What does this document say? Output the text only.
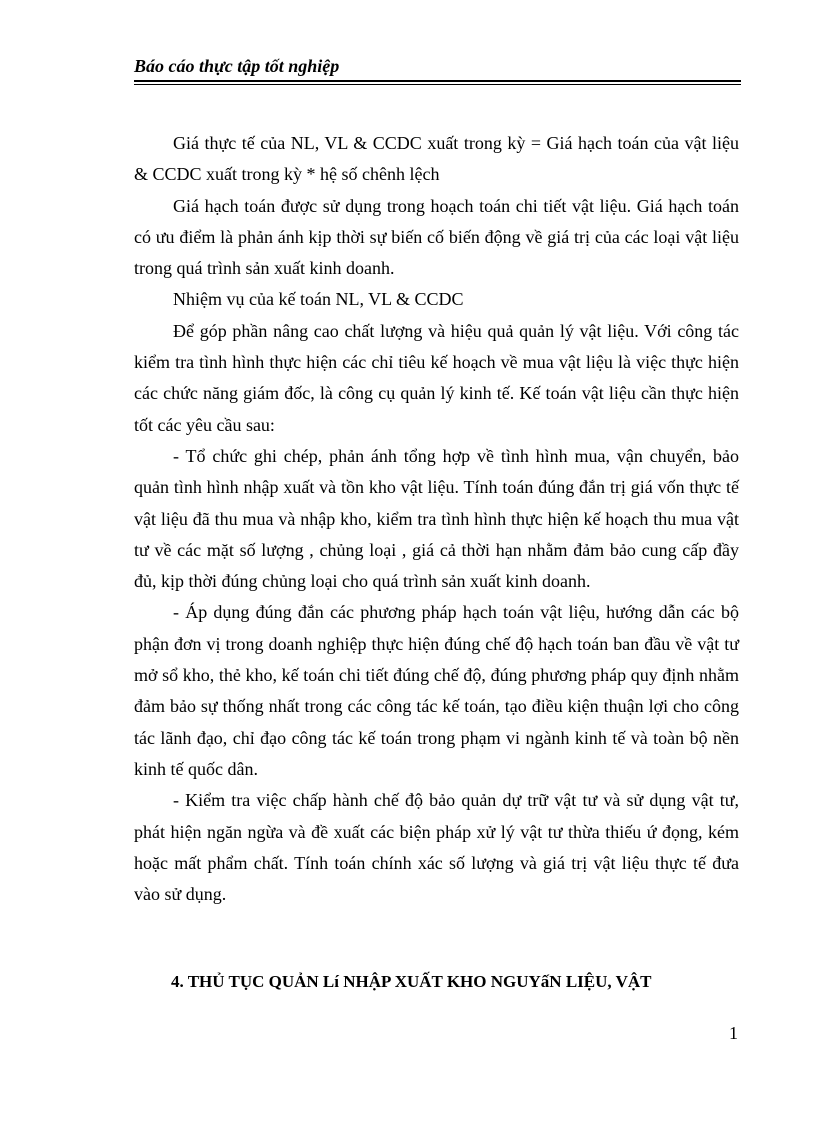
Báo cáo thực tập tốt nghiệp

Giá thực tế của NL, VL & CCDC xuất trong kỳ = Giá hạch toán của vật liệu & CCDC xuất trong kỳ * hệ số chênh lệch

Giá hạch toán được sử dụng trong hoạch toán chi tiết vật liệu. Giá hạch toán có ưu điểm là phản ánh kịp thời sự biến cố biến động về giá trị của các loại vật liệu trong quá trình sản xuất kinh doanh.

Nhiệm vụ của kế toán NL, VL & CCDC

Để góp phần nâng cao chất lượng và hiệu quả quản lý vật liệu. Với công tác kiểm tra tình hình thực hiện các chỉ tiêu kế hoạch về mua vật liệu là việc thực hiện các chức năng giám đốc, là công cụ quản lý kinh tế. Kế toán vật liệu cần thực hiện tốt các yêu cầu sau:

- Tổ chức ghi chép, phản ánh tổng hợp về tình hình mua, vận chuyển, bảo quản tình hình nhập xuất và tồn kho vật liệu. Tính toán đúng đắn trị giá vốn thực tế vật liệu đã thu mua và nhập kho, kiểm tra tình hình thực hiện kế hoạch thu mua vật tư về các mặt số lượng , chủng loại , giá cả thời hạn nhằm đảm bảo cung cấp đầy đủ, kịp thời đúng chủng loại cho quá trình sản xuất kinh doanh.

- Áp dụng đúng đắn các phương pháp hạch toán vật liệu, hướng dẫn các bộ phận đơn vị trong doanh nghiệp thực hiện đúng chế độ hạch toán ban đầu về vật tư mở sổ kho, thẻ kho, kế toán chi tiết đúng chế độ, đúng phương pháp quy định nhằm đảm bảo sự thống nhất trong các công tác kế toán, tạo điều kiện thuận lợi cho công tác lãnh đạo, chỉ đạo công tác kế toán trong phạm vi ngành kinh tế và toàn bộ nền kinh tế quốc dân.

- Kiểm tra việc chấp hành chế độ bảo quản dự trữ vật tư và sử dụng vật tư, phát hiện ngăn ngừa và đề xuất các biện pháp xử lý vật tư thừa thiếu ứ đọng, kém hoặc mất phẩm chất. Tính toán chính xác số lượng và giá trị vật liệu thực tế đưa vào sử dụng.

4. THỦ TỤC QUẢN Lí NHẬP XUẤT KHO NGUYấN LIỆU, VẬT
1
